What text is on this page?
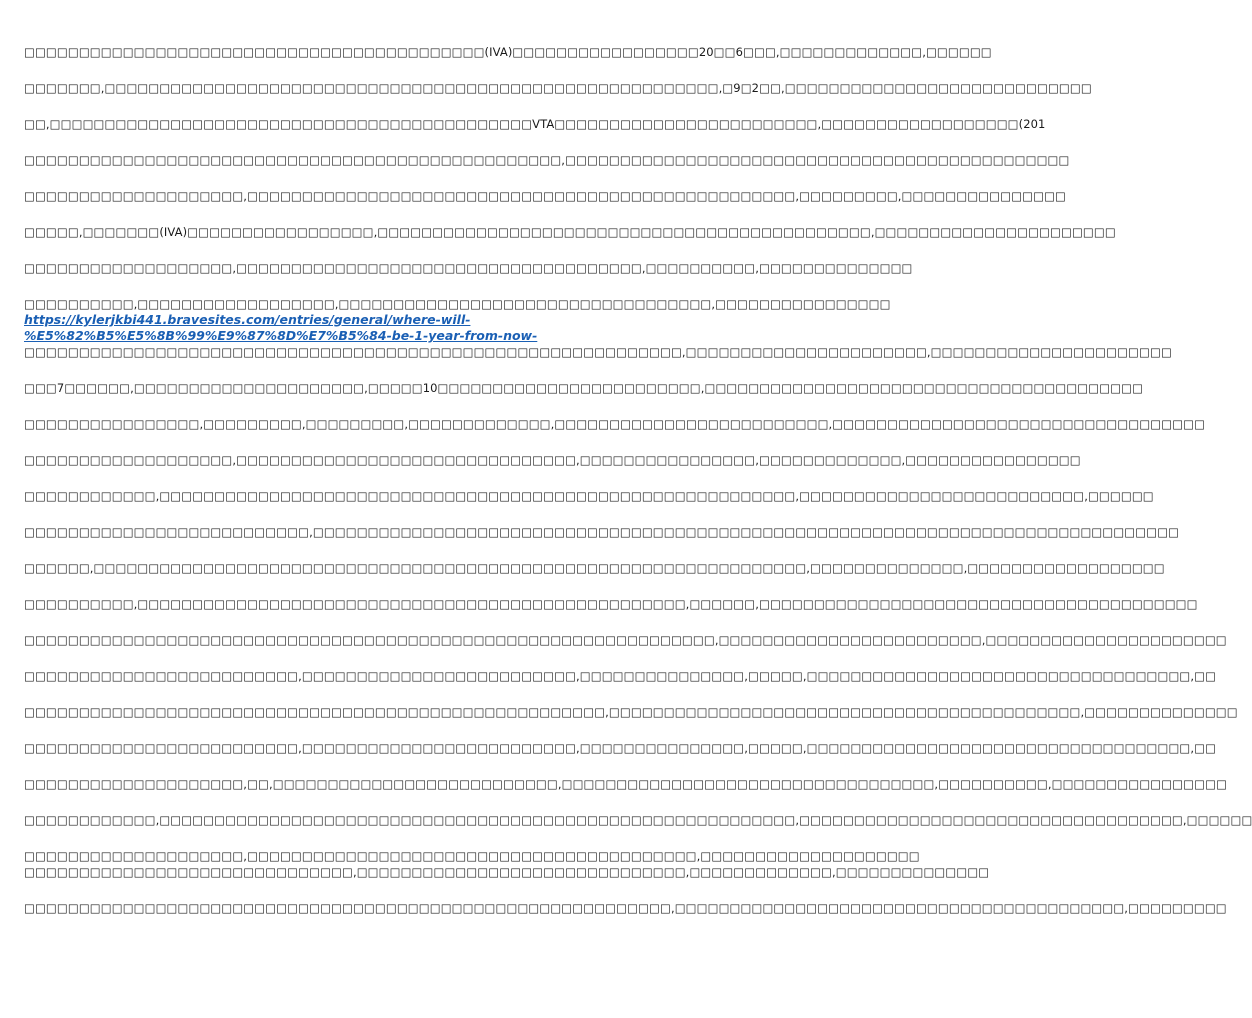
□□□□□□□□□□□□□□□□□□□□□□□□□□□□□□□□□□□□□□□□□□(IVA)□□□□□□□□□□□□□□□□□20□□6□□□,□□□□□□□□□□□□□,□□□□□□
□□□□□□□,□□□□□□□□□□□□□□□□□□□□□□□□□□□□□□□□□□□□□□□□□□□□□□□□□□□□□□□□,□9□2□□,□□□□□□□□□□□□□□□□□□□□□□□□□□□□
□□,□□□□□□□□□□□□□□□□□□□□□□□□□□□□□□□□□□□□□□□□□□□□VTA□□□□□□□□□□□□□□□□□□□□□□□□,□□□□□□□□□□□□□□□□□□(201
□□□□□□□□□□□□□□□□□□□□□□□□□□□□□□□□□□□□□□□□□□□□□□□□□,□□□□□□□□□□□□□□□□□□□□□□□□□□□□□□□□□□□□□□□□□□□□□□
□□□□□□□□□□□□□□□□□□□□,□□□□□□□□□□□□□□□□□□□□□□□□□□□□□□□□□□□□□□□□□□□□□□□□□□,□□□□□□□□□,□□□□□□□□□□□□□□□
□□□□□,□□□□□□□(IVA)□□□□□□□□□□□□□□□□□,□□□□□□□□□□□□□□□□□□□□□□□□□□□□□□□□□□□□□□□□□□□□□,□□□□□□□□□□□□□□□□□□□□□□
□□□□□□□□□□□□□□□□□□□,□□□□□□□□□□□□□□□□□□□□□□□□□□□□□□□□□□□□□,□□□□□□□□□□,□□□□□□□□□□□□□□
□□□□□□□□□□,□□□□□□□□□□□□□□□□□□,□□□□□□□□□□□□□□□□□□□□□□□□□□□□□□□□□□,□□□□□□□□□□□□□□□□
https://kylerjkbi441.bravesites.com/entries/general/where-will-
%E5%82%B5%E5%8B%99%E9%87%8D%E7%B5%84-be-1-year-from-now-
□□□□□□□□□□□□□□□□□□□□□□□□□□□□□□□□□□□□□□□□□□□□□□□□□□□□□□□□□□□□,□□□□□□□□□□□□□□□□□□□□□□,□□□□□□□□□□□□□□□□□□□□□□
□□□7□□□□□□,□□□□□□□□□□□□□□□□□□□□□,□□□□□10□□□□□□□□□□□□□□□□□□□□□□□□,□□□□□□□□□□□□□□□□□□□□□□□□□□□□□□□□□□□□□□□□
□□□□□□□□□□□□□□□□,□□□□□□□□□,□□□□□□□□□,□□□□□□□□□□□□□,□□□□□□□□□□□□□□□□□□□□□□□□□,□□□□□□□□□□□□□□□□□□□□□□□□□□□□□□□□□□
□□□□□□□□□□□□□□□□□□□,□□□□□□□□□□□□□□□□□□□□□□□□□□□□□□□,□□□□□□□□□□□□□□□□,□□□□□□□□□□□□□,□□□□□□□□□□□□□□□□
□□□□□□□□□□□□,□□□□□□□□□□□□□□□□□□□□□□□□□□□□□□□□□□□□□□□□□□□□□□□□□□□□□□□□□□,□□□□□□□□□□□□□□□□□□□□□□□□□□,□□□□□□
□□□□□□□□□□□□□□□□□□□□□□□□□□,□□□□□□□□□□□□□□□□□□□□□□□□□□□□□□□□□□□□□□□□□□□□□□□□□□□□□□□□□□□□□□□□□□□□□□□□□□□□□□□
□□□□□□,□□□□□□□□□□□□□□□□□□□□□□□□□□□□□□□□□□□□□□□□□□□□□□□□□□□□□□□□□□□□□□□□□,□□□□□□□□□□□□□□,□□□□□□□□□□□□□□□□□□
□□□□□□□□□□,□□□□□□□□□□□□□□□□□□□□□□□□□□□□□□□□□□□□□□□□□□□□□□□□□□,□□□□□□,□□□□□□□□□□□□□□□□□□□□□□□□□□□□□□□□□□□□□□□□
□□□□□□□□□□□□□□□□□□□□□□□□□□□□□□□□□□□□□□□□□□□□□□□□□□□□□□□□□□□□□□□,□□□□□□□□□□□□□□□□□□□□□□□□,□□□□□□□□□□□□□□□□□□□□□□
□□□□□□□□□□□□□□□□□□□□□□□□□,□□□□□□□□□□□□□□□□□□□□□□□□□,□□□□□□□□□□□□□□□,□□□□□,□□□□□□□□□□□□□□□□□□□□□□□□□□□□□□□□□□□,□□
□□□□□□□□□□□□□□□□□□□□□□□□□□□□□□□□□□□□□□□□□□□□□□□□□□□□□,□□□□□□□□□□□□□□□□□□□□□□□□□□□□□□□□□□□□□□□□□□□,□□□□□□□□□□□□□□
□□□□□□□□□□□□□□□□□□□□□□□□□,□□□□□□□□□□□□□□□□□□□□□□□□□,□□□□□□□□□□□□□□□,□□□□□,□□□□□□□□□□□□□□□□□□□□□□□□□□□□□□□□□□□,□□
□□□□□□□□□□□□□□□□□□□□,□□,□□□□□□□□□□□□□□□□□□□□□□□□□□,□□□□□□□□□□□□□□□□□□□□□□□□□□□□□□□□□□,□□□□□□□□□□,□□□□□□□□□□□□□□□□
□□□□□□□□□□□□,□□□□□□□□□□□□□□□□□□□□□□□□□□□□□□□□□□□□□□□□□□□□□□□□□□□□□□□□□□,□□□□□□□□□□□□□□□□□□□□□□□□□□□□□□□□□□□,□□□□□□
□□□□□□□□□□□□□□□□□□□□,□□□□□□□□□□□□□□□□□□□□□□□□□□□□□□□□□□□□□□□□□,□□□□□□□□□□□□□□□□□□□□
□□□□□□□□□□□□□□□□□□□□□□□□□□□□□□,□□□□□□□□□□□□□□□□□□□□□□□□□□□□□□,□□□□□□□□□□□□□,□□□□□□□□□□□□□□
□□□□□□□□□□□□□□□□□□□□□□□□□□□□□□□□□□□□□□□□□□□□□□□□□□□□□□□□□□□,□□□□□□□□□□□□□□□□□□□□□□□□□□□□□□□□□□□□□□□□□,□□□□□□□□□
